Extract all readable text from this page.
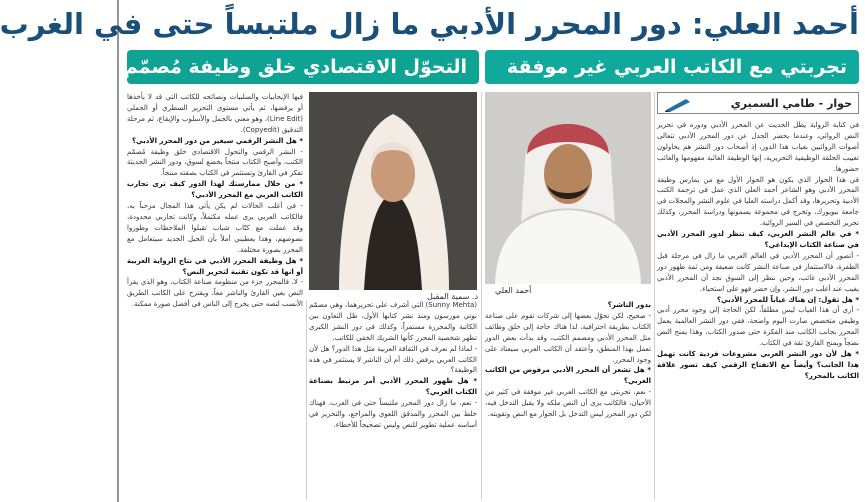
أحمد العلي: دور المحرر الأدبي ما زال ملتبساً حتى في الغرب
تجربتي مع الكاتب العربي غير موفقة
التحوّل الاقتصادي خلق وظيفة مُصمّم الكتب
د. سمية المقبل
أحمد العلي
حوار - طامي السميري

في كتابة الرواية يظل الحديث عن المحرر الأدبي ودوره في تحرير النص الروائي، وعندما يحضر الجدل عن دور المحرر الأدبي تتعالى أصوات الروائيين بغياب هذا الدور، إذ أصحاب دور النشر هم يحاولون تغييب الحلقة الوظيفية التحريرية، إنها الوظيفة الغائبة مفهومها والغائب حضورها.

في هذا الحوار الذي يكون هو الحوار الأول مع من يمارس وظيفة المحرر الأدبي وهو الشاعر أحمد العلي الذي عمل في ترجمة الكتب الأدبية وتحريرها، وقد أكمل دراسته العليا في علوم النشر والمجلات في جامعة نيويورك، وتخرج في مجموعة يسمونها ودراسة المحرر، وكذلك تحرير التخصص في السير الروائية.

* في عالم النشر العربي، كيف تنظر لدور المحرر الأدبي في صناعة الكتاب الإبداعي؟

- أتصور أن المحرر الأدبي في العالم العربي ما زال في مرحلة قبل الطفرة، فالاستثمار في صناعة النشر كانت ضعيفة ومن ثمة ظهور دور المحرر الأدبي غائب، وحين ننظر إلى السوق نجد أن المحرر الأدبي يغيب عند أغلب دور النشر، وإن حضر فهو على استحياء.

* هل تقول: إن هناك غياباً للمحرر الأدبي؟

- أرى أن هذا الغياب ليس مطلقاً، لكن الحاجة إلى وجود محرر أدبي وظيفي متخصص صارت اليوم واضحة، ففي دور النشر العالمية يعمل المحرر بجانب الكاتب منذ الفكرة حتى صدور الكتاب، وهذا يمنح النص نضجاً ويمنح القارئ ثقة في الكتاب.

* هل لأن دور النشر العربي مشروعات فردية كانت تهمل هذا الجانب؟ وأيضاً مع الانفتاح الرقمي كيف تصور علاقة الكاتب بالمحرر؟

بدور الناشر؟

- صحيح، لكن تحوّل بعضها إلى شركات تقوم على صناعة الكتاب بطريقة احترافية، لذا هناك حاجة إلى خلق وظائف مثل المحرر الأدبي ومصمم الكتب، وقد بدأت بعض الدور تعمل بهذا المنطق، وأعتقد أن الكاتب العربي سيعتاد على وجود المحرر.

* هل تشعر أن المحرر الأدبي مرفوض من الكاتب العربي؟

- نعم، تجربتي مع الكاتب العربي غير موفقة في كثير من الأحيان، فالكاتب يرى أن النص ملكه ولا يقبل التدخل فيه، لكن دور المحرر ليس التدخل بل الحوار مع النص وتقويته.

(Sunny Mehta) التي أشرف على تحريرهما، وهي مصمّم نوتي مورسون ومنذ نشر كتابها الأول، ظل التعاون بين الكاتبة والمحررة مستمراً، وكذلك في دور النشر الكبرى تظهر شخصية المحرر كأنها الشريك الخفي للكاتب.

- لماذا لم نعرف في الثقافة العربية مثل هذا الدور؟ هل لأن الكاتب العربي يرفض ذلك أم أن الناشر لا يستثمر في هذه الوظيفة؟

* هل ظهور المحرر الأدبي أمر مرتبط بصناعة الكتاب الغربي؟

- نعم، ما زال دور المحرر ملتبساً حتى في الغرب، فهناك خلط بين المحرر والمدقق اللغوي والمراجع، والتحرير في أساسه عملية تطوير للنص وليس تصحيحاً للأخطاء.

فيها الإيجابيات والسلبيات ونصائحه للكاتب التي قد لا يأخذها أو يرفضها، ثم يأتي مستوى التحرير السطري أو الجملي (Line Edit)، وهو معني بالجمل والأسلوب والإيقاع، ثم مرحلة التدقيق (Copyedit).

* هل النشر الرقمي سيغير من دور المحرر الأدبي؟

- النشر الرقمي والتحول الاقتصادي خلق وظيفة مُصمّم الكتب، وأصبح الكتاب منتجاً يخضع لسوق، ودور النشر الحديثة تفكر في القارئ وتستثمر في الكتاب بصفته منتجاً.

* من خلال ممارستك لهذا الدور كيف ترى تجارب الكاتب العربي مع المحرر الأدبي؟

- في أغلب الحالات لم يكن يأتي هذا المجال مرحباً به، فالكاتب العربي يرى عمله مكتملاً، وكانت تجاربي محدودة، وقد عملت مع كتّاب شباب تقبلوا الملاحظات وطوروا نصوصهم، وهذا يعطيني أملاً بأن الجيل الجديد سيتعامل مع المحرر بصورة مختلفة.

* هل وظيفة المحرر الأدبي في نتاج الرواية العربية أو انها قد تكون تقنية لتحرير النص؟

- لا، فالمحرر جزء من منظومة صناعة الكتاب، وهو الذي يقرأ النص بعين القارئ والناشر معاً، ويقترح على الكاتب الطريق الأنسب لنصه حتى يخرج إلى الناس في أفضل صورة ممكنة.
